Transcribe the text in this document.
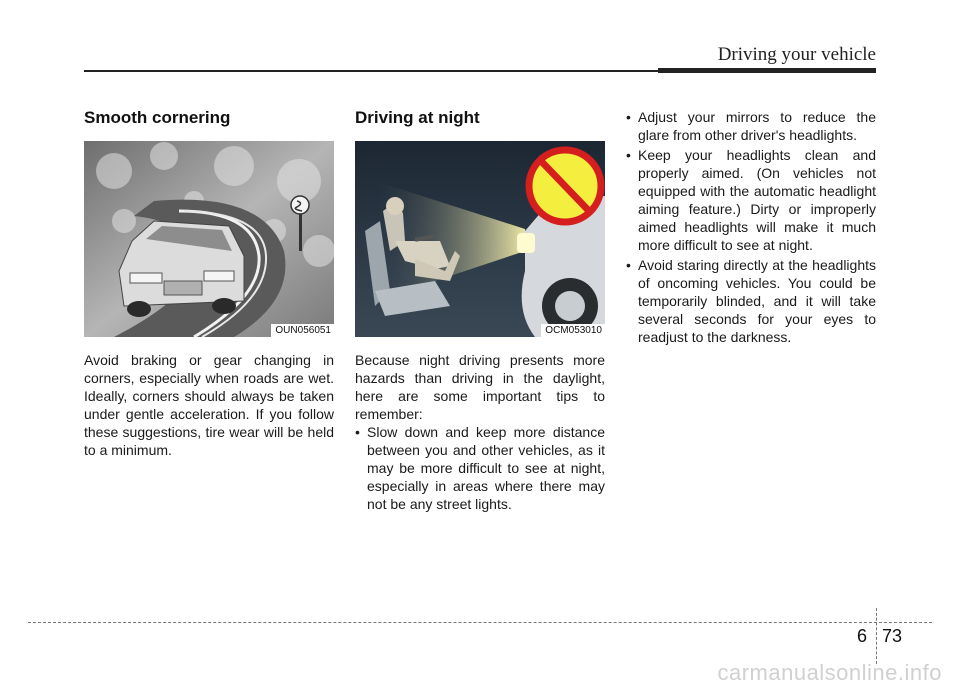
Driving your vehicle
Smooth cornering
OUN056051

Avoid braking or gear changing in corners, especially when roads are wet. Ideally, corners should always be taken under gentle acceleration. If you follow these suggestions, tire wear will be held to a minimum.

Driving at night
OCM053010

Because night driving presents more hazards than driving in the daylight, here are some important tips to remember:

• Slow down and keep more distance between you and other vehicles, as it may be more difficult to see at night, especially in areas where there may not be any street lights.
• Adjust your mirrors to reduce the glare from other driver's headlights.
• Keep your headlights clean and properly aimed. (On vehicles not equipped with the automatic headlight aiming feature.) Dirty or improperly aimed headlights will make it much more difficult to see at night.
• Avoid staring directly at the headlights of oncoming vehicles. You could be temporarily blinded, and it will take several seconds for your eyes to readjust to the darkness.
6 73
carmanualsonline.info
